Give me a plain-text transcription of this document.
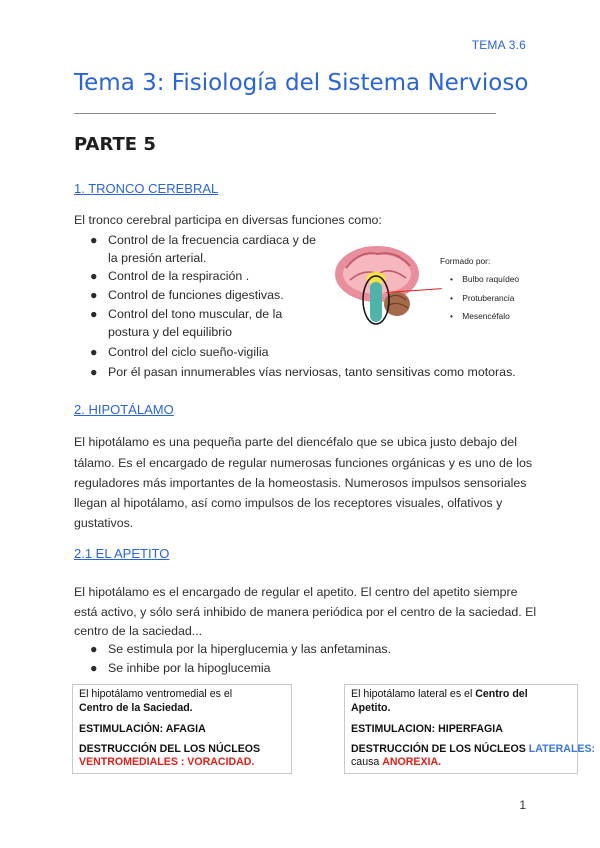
TEMA 3.6
Tema 3: Fisiología del Sistema Nervioso
PARTE 5
1. TRONCO CEREBRAL
El tronco cerebral participa en diversas funciones como:
● Control de la frecuencia cardiaca y de
la presión arterial.
● Control de la respiración .
● Control de funciones digestivas.
● Control del tono muscular, de la
postura y del equilibrio
● Control del ciclo sueño-vigilia
● Por él pasan innumerables vías nerviosas, tanto sensitivas como motoras.
Formado por:
•    Bulbo raquídeo
•    Protuberancia
•    Mesencéfalo
2. HIPOTÁLAMO
El hipotálamo es una pequeña parte del diencéfalo que se ubica justo debajo del
tálamo. Es el encargado de regular numerosas funciones orgánicas y es uno de los
reguladores más importantes de la homeostasis. Numerosos impulsos sensoriales
llegan al hipotálamo, así como impulsos de los receptores visuales, olfativos y
gustativos.
2.1 EL APETITO
El hipotálamo es el encargado de regular el apetito. El centro del apetito siempre
está activo, y sólo será inhibido de manera periódica por el centro de la saciedad. El
centro de la saciedad...
● Se estimula por la hiperglucemia y las anfetaminas.
● Se inhibe por la hipoglucemia
El hipotálamo ventromedial es el
Centro de la Saciedad.
ESTIMULACIÓN: AFAGIA
DESTRUCCIÓN DEL LOS NÚCLEOS
VENTROMEDIALES : VORACIDAD.
El hipotálamo lateral es el Centro del
Apetito.
ESTIMULACION: HIPERFAGIA
DESTRUCCIÓN DE LOS NÚCLEOS LATERALES:
causa ANOREXIA.
1
